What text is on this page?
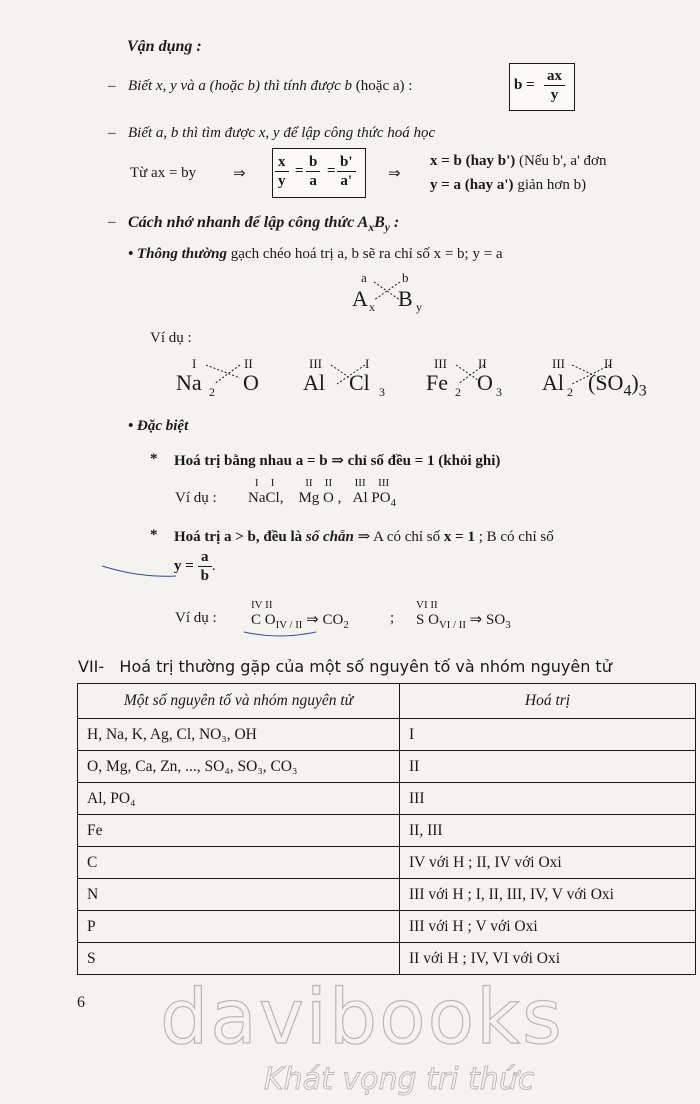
Vận dụng :
– Biết x, y và a (hoặc b) thì tính được b (hoặc a) :	$b = \frac{ax}{y}$
– Biết a, b thì tìm được x, y để lập công thức hoá học
Từ ax = by ⇒ $\frac{x}{y} = \frac{b}{a} = \frac{b'}{a'}$ ⇒
x = b (hay b') (Nếu b', a' đơn
y = a (hay a') giản hơn b)
– Cách nhớ nhanh để lập công thức $A_xB_y$ :
• Thông thường gạch chéo hoá trị a, b sẽ ra chỉ số x = b; y = a
a	b
A x B y
Ví dụ :
I	II
Na 2 O
III	I
Al Cl 3
III II
Fe 2 O 3
III	II
Al 2 $(SO_4)_3$
• Đặc biệt
* Hoá trị bằng nhau a = b ⇒ chỉ số đều = 1 (khỏi ghi)
Ví dụ :
I
Na
I
Cl,
II
Mg
II
O ,
III
Al
III
$PO_4$
* Hoá trị a > b, đều là số chẵn ⇒ A có chỉ số x = 1 ; B có chỉ số
$y = \frac{a}{b}$ .
Ví dụ :
IV II
C $O_{IV / II}$ ⇒ $CO_2$	;
VI II
S $O_{VI / II}$ ⇒ $SO_3$
VII- Hoá trị thường gặp của một số nguyên tố và nhóm nguyên tử
Một số nguyên tố và nhóm nguyên tử	Hoá trị
H, Na, K, Ag, Cl, NO₃, OH	I
O, Mg, Ca, Zn, ..., SO₄, SO₃, CO₃	II
Al, PO₄	III
Fe	II, III
C	IV với H ; II, IV với Oxi
N	III với H ; I, II, III, IV, V với Oxi
P	III với H ; V với Oxi
S	II với H ; IV, VI với Oxi
6 davibooks
Khát vọng tri thức
